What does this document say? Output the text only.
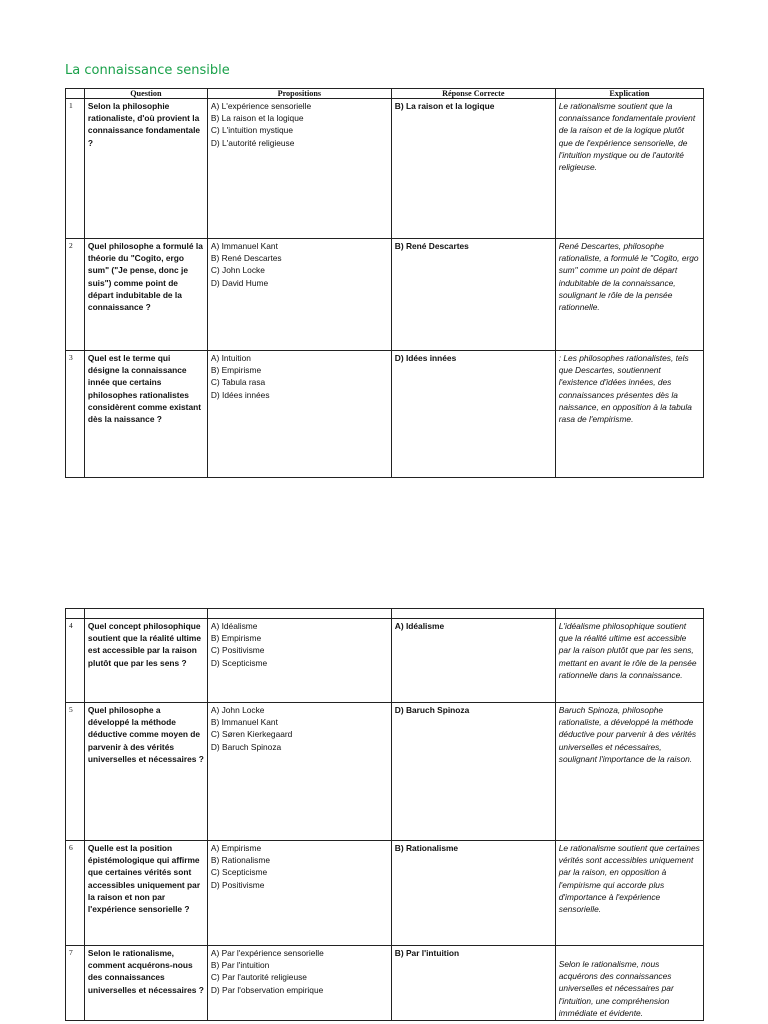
La connaissance sensible
	Question	Propositions	Réponse Correcte	Explication
1	Selon la philosophie rationaliste, d'où provient la connaissance fondamentale ?	A) L'expérience sensorielle
B) La raison et la logique
C) L'intuition mystique
D) L'autorité religieuse	B) La raison et la logique	Le rationalisme soutient que la connaissance fondamentale provient de la raison et de la logique plutôt que de l'expérience sensorielle, de l'intuition mystique ou de l'autorité religieuse.
2	Quel philosophe a formulé la théorie du "Cogito, ergo sum" ("Je pense, donc je suis") comme point de départ indubitable de la connaissance ?	A) Immanuel Kant
B) René Descartes
C) John Locke
D) David Hume	B) René Descartes	René Descartes, philosophe rationaliste, a formulé le "Cogito, ergo sum" comme un point de départ indubitable de la connaissance, soulignant le rôle de la pensée rationnelle.
3	Quel est le terme qui désigne la connaissance innée que certains philosophes rationalistes considèrent comme existant dès la naissance ?	A) Intuition
B) Empirisme
C) Tabula rasa
D) Idées innées	D) Idées innées	: Les philosophes rationalistes, tels que Descartes, soutiennent l'existence d'idées innées, des connaissances présentes dès la naissance, en opposition à la tabula rasa de l'empirisme.

4	Quel concept philosophique soutient que la réalité ultime est accessible par la raison plutôt que par les sens ?	A) Idéalisme
B) Empirisme
C) Positivisme
D) Scepticisme	A) Idéalisme	L'idéalisme philosophique soutient que la réalité ultime est accessible par la raison plutôt que par les sens, mettant en avant le rôle de la pensée rationnelle dans la connaissance.
5	Quel philosophe a développé la méthode déductive comme moyen de parvenir à des vérités universelles et nécessaires ?	A) John Locke
B) Immanuel Kant
C) Søren Kierkegaard
D) Baruch Spinoza	D) Baruch Spinoza	Baruch Spinoza, philosophe rationaliste, a développé la méthode déductive pour parvenir à des vérités universelles et nécessaires, soulignant l'importance de la raison.
6	Quelle est la position épistémologique qui affirme que certaines vérités sont accessibles uniquement par la raison et non par l'expérience sensorielle ?	A) Empirisme
B) Rationalisme
C) Scepticisme
D) Positivisme	B) Rationalisme	Le rationalisme soutient que certaines vérités sont accessibles uniquement par la raison, en opposition à l'empirisme qui accorde plus d'importance à l'expérience sensorielle.
7	Selon le rationalisme, comment acquérons-nous des connaissances universelles et nécessaires ?	A) Par l'expérience sensorielle
B) Par l'intuition
C) Par l'autorité religieuse
D) Par l'observation empirique	B) Par l'intuition	Selon le rationalisme, nous acquérons des connaissances universelles et nécessaires par l'intuition, une compréhension immédiate et évidente.
